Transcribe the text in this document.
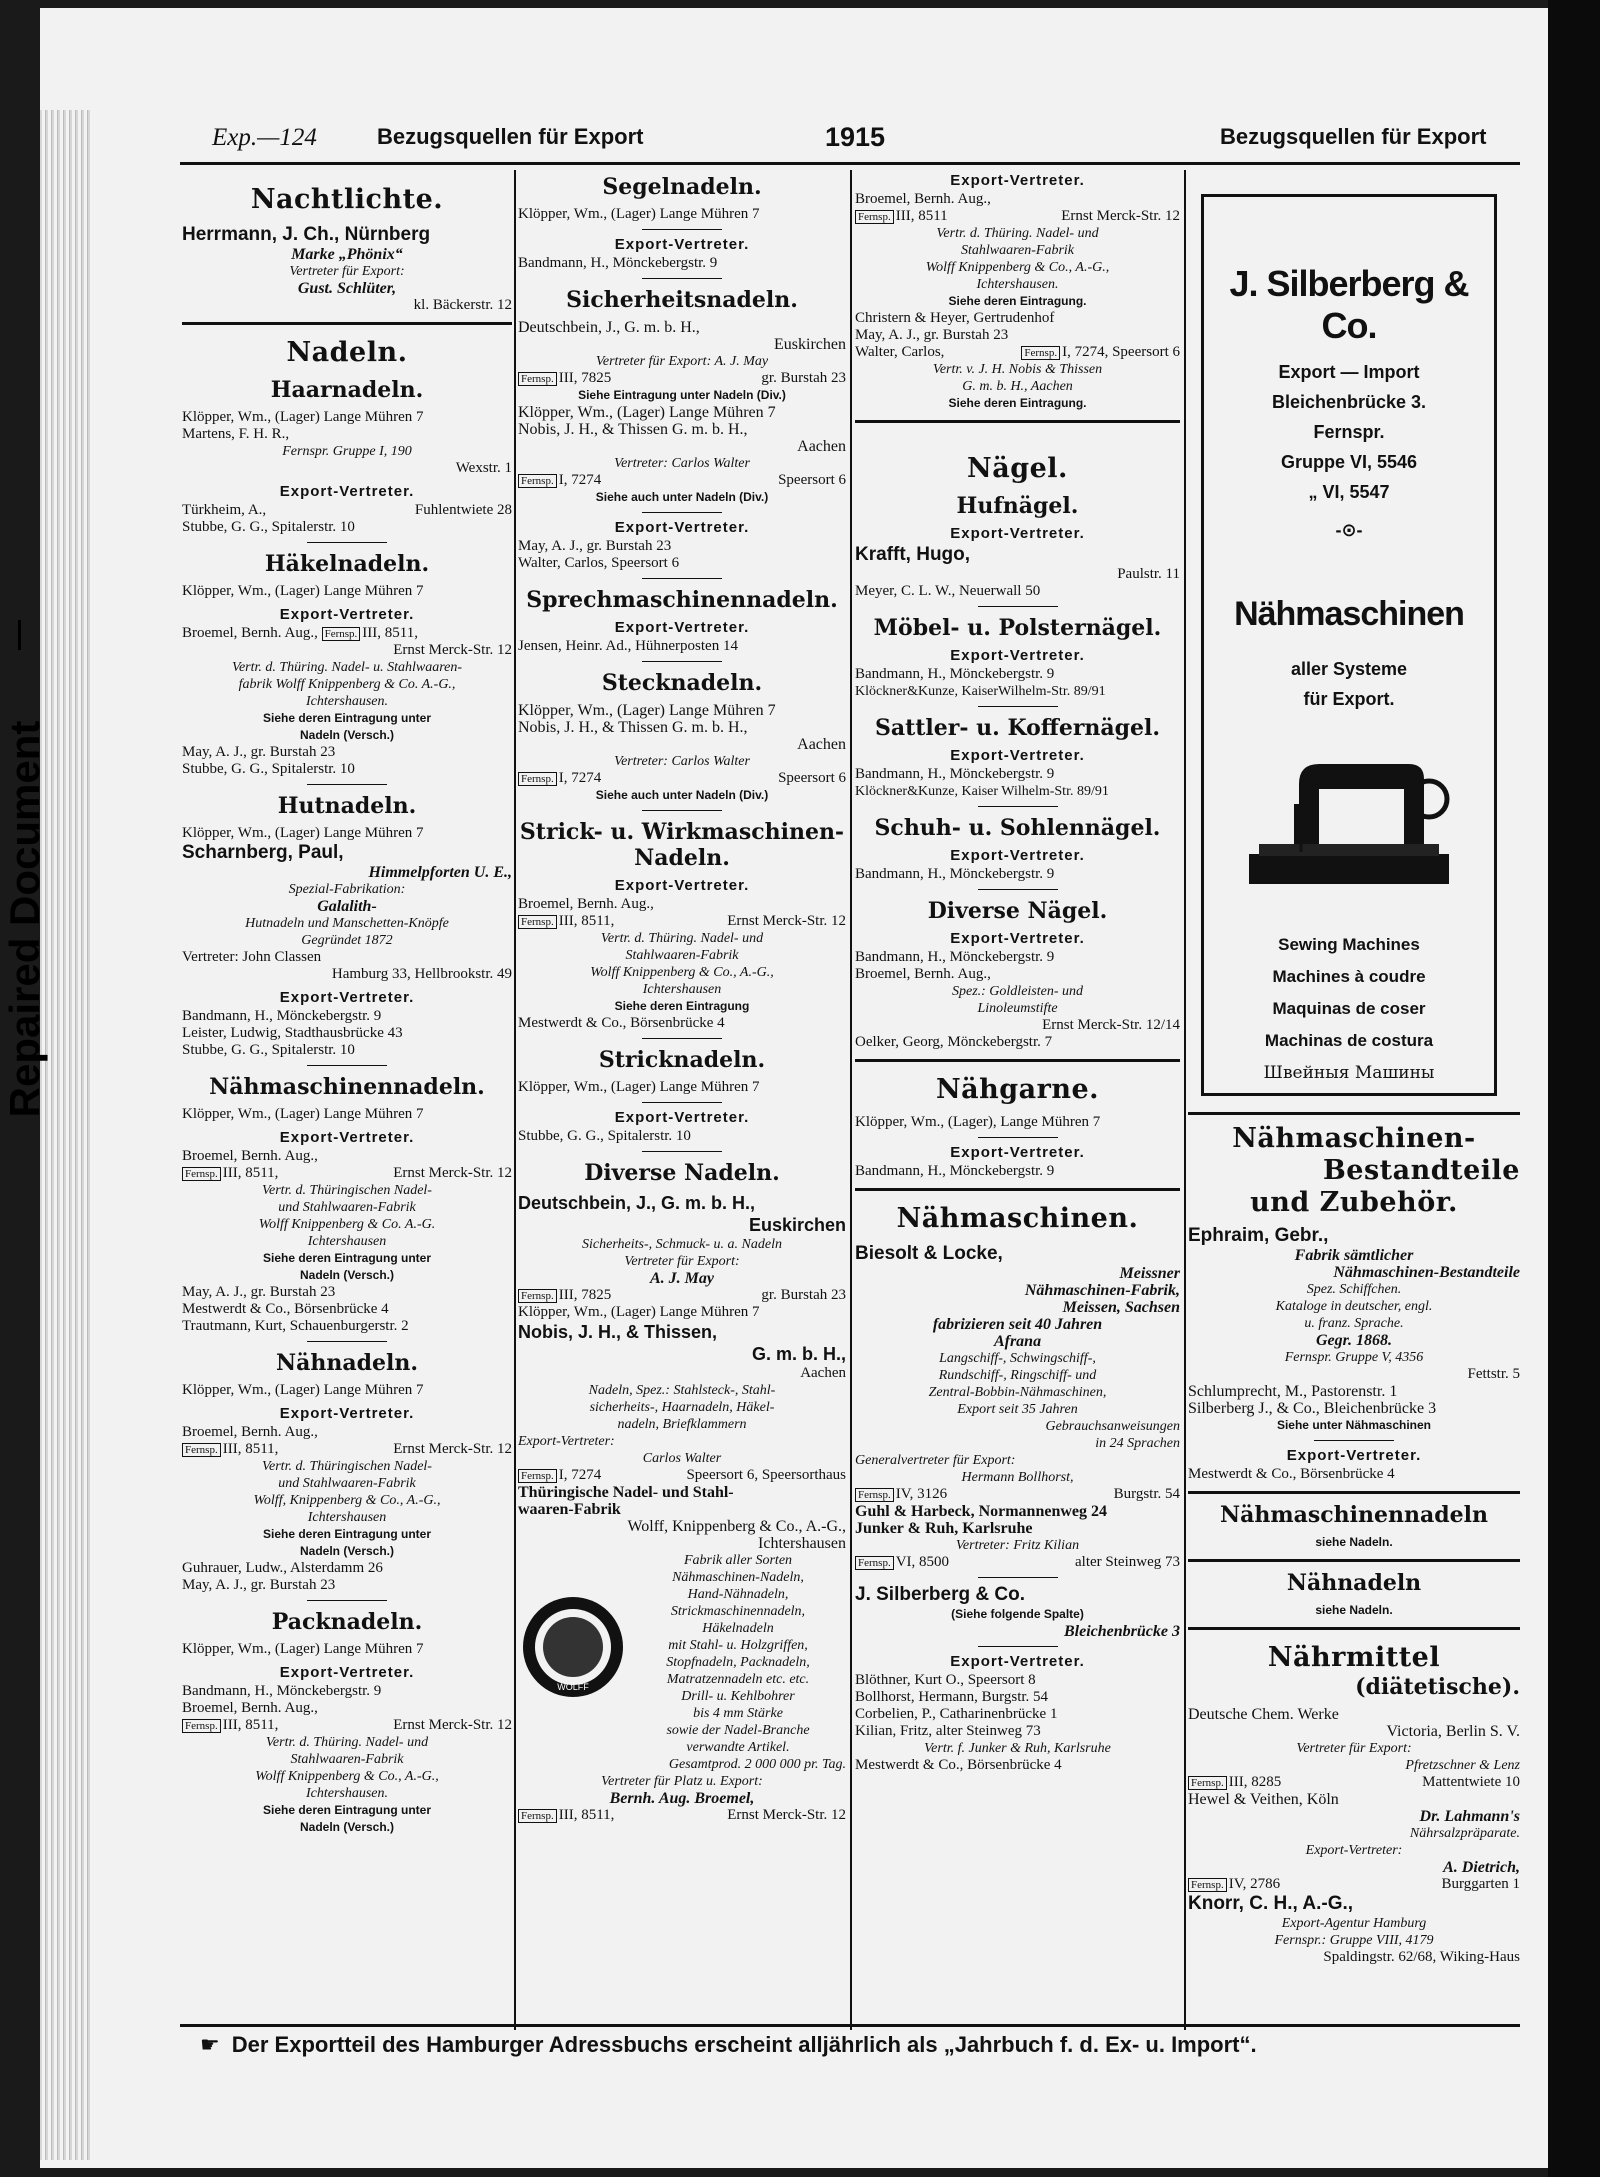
Repaired Document
Exp.—124	Bezugsquellen für Export	1915	Bezugsquellen für Export
Nachtlichte.
Herrmann, J. Ch., Nürnberg
Marke „Phönix“
Vertreter für Export:
Gust. Schlüter,
kl. Bäckerstr. 12
Nadeln.
Haarnadeln.
Klöpper, Wm., (Lager) Lange Mühren 7
Martens, F. H. R.,
Fernspr. Gruppe I, 190
Wexstr. 1
Export-Vertreter.
Türkheim, A.,	Fuhlentwiete 28
Stubbe, G. G., Spitalerstr. 10
Häkelnadeln.
Klöpper, Wm., (Lager) Lange Mühren 7
Export-Vertreter.
Broemel, Bernh. Aug., Fernsp. III, 8511,
Ernst Merck-Str. 12
Vertr. d. Thüring. Nadel- u. Stahlwaaren-
fabrik Wolff Knippenberg & Co. A.-G.,
Ichtershausen.
Siehe deren Eintragung unter
Nadeln (Versch.)
May, A. J., gr. Burstah 23
Stubbe, G. G., Spitalerstr. 10
Hutnadeln.
Klöpper, Wm., (Lager) Lange Mühren 7
Scharnberg, Paul,
Himmelpforten U. E.,
Spezial-Fabrikation:
Galalith-
Hutnadeln und Manschetten-Knöpfe
Gegründet 1872
Vertreter: John Classen
Hamburg 33, Hellbrookstr. 49
Export-Vertreter.
Bandmann, H., Mönckebergstr. 9
Leister, Ludwig, Stadthausbrücke 43
Stubbe, G. G., Spitalerstr. 10
Nähmaschinennadeln.
Klöpper, Wm., (Lager) Lange Mühren 7
Export-Vertreter.
Broemel, Bernh. Aug.,
Fernsp. III, 8511,	Ernst Merck-Str. 12
Vertr. d. Thüringischen Nadel-
und Stahlwaaren-Fabrik
Wolff Knippenberg & Co. A.-G.
Ichtershausen
Siehe deren Eintragung unter
Nadeln (Versch.)
May, A. J., gr. Burstah 23
Mestwerdt & Co., Börsenbrücke 4
Trautmann, Kurt, Schauenburgerstr. 2
Nähnadeln.
Klöpper, Wm., (Lager) Lange Mühren 7
Export-Vertreter.
Broemel, Bernh. Aug.,
Fernsp. III, 8511,	Ernst Merck-Str. 12
Vertr. d. Thüringischen Nadel-
und Stahlwaaren-Fabrik
Wolff, Knippenberg & Co., A.-G.,
Ichtershausen
Siehe deren Eintragung unter
Nadeln (Versch.)
Guhrauer, Ludw., Alsterdamm 26
May, A. J., gr. Burstah 23
Packnadeln.
Klöpper, Wm., (Lager) Lange Mühren 7
Export-Vertreter.
Bandmann, H., Mönckebergstr. 9
Broemel, Bernh. Aug.,
Fernsp. III, 8511,	Ernst Merck-Str. 12
Vertr. d. Thüring. Nadel- und
Stahlwaaren-Fabrik
Wolff Knippenberg & Co., A.-G.,
Ichtershausen.
Siehe deren Eintragung unter
Nadeln (Versch.)
Segelnadeln.
Klöpper, Wm., (Lager) Lange Mühren 7
Export-Vertreter.
Bandmann, H., Mönckebergstr. 9
Sicherheitsnadeln.
Deutschbein, J., G. m. b. H.,
Euskirchen
Vertreter für Export: A. J. May
Fernsp. III, 7825	gr. Burstah 23
Siehe Eintragung unter Nadeln (Div.)
Klöpper, Wm., (Lager) Lange Mühren 7
Nobis, J. H., & Thissen G. m. b. H.,
Aachen
Vertreter: Carlos Walter
Fernsp. I, 7274	Speersort 6
Siehe auch unter Nadeln (Div.)
Export-Vertreter.
May, A. J., gr. Burstah 23
Walter, Carlos, Speersort 6
Sprechmaschinennadeln.
Export-Vertreter.
Jensen, Heinr. Ad., Hühnerposten 14
Stecknadeln.
Klöpper, Wm., (Lager) Lange Mühren 7
Nobis, J. H., & Thissen G. m. b. H.,
Aachen
Vertreter: Carlos Walter
Fernsp. I, 7274	Speersort 6
Siehe auch unter Nadeln (Div.)
Strick- u. Wirkmaschinen-Nadeln.
Export-Vertreter.
Broemel, Bernh. Aug.,
Fernsp. III, 8511,	Ernst Merck-Str. 12
Vertr. d. Thüring. Nadel- und
Stahlwaaren-Fabrik
Wolff Knippenberg & Co., A.-G.,
Ichtershausen
Siehe deren Eintragung
Mestwerdt & Co., Börsenbrücke 4
Stricknadeln.
Klöpper, Wm., (Lager) Lange Mühren 7
Export-Vertreter.
Stubbe, G. G., Spitalerstr. 10
Diverse Nadeln.
Deutschbein, J., G. m. b. H.,
Euskirchen
Sicherheits-, Schmuck- u. a. Nadeln
Vertreter für Export:
A. J. May
Fernsp. III, 7825	gr. Burstah 23
Klöpper, Wm., (Lager) Lange Mühren 7
Nobis, J. H., & Thissen,
G. m. b. H.,
Aachen
Nadeln, Spez.: Stahlsteck-, Stahl-
sicherheits-, Haarnadeln, Häkel-
nadeln, Briefklammern
Export-Vertreter:
Carlos Walter
Fernsp. I, 7274	Speersort 6, Speersorthaus
Thüringische Nadel- und Stahl-
waaren-Fabrik
Wolff, Knippenberg & Co., A.-G.,
Ichtershausen
WOLFF
Fabrik aller Sorten
Nähmaschinen-Nadeln,
Hand-Nähnadeln,
Strickmaschinennadeln,
Häkelnadeln
mit Stahl- u. Holzgriffen,
Stopfnadeln, Packnadeln,
Matratzennadeln etc. etc.
Drill- u. Kehlbohrer
bis 4 mm Stärke
sowie der Nadel-Branche
verwandte Artikel.
Gesamtprod. 2 000 000 pr. Tag.
Vertreter für Platz u. Export:
Bernh. Aug. Broemel,
Fernsp. III, 8511,	Ernst Merck-Str. 12
Export-Vertreter.
Broemel, Bernh. Aug.,
Fernsp. III, 8511	Ernst Merck-Str. 12
Vertr. d. Thüring. Nadel- und
Stahlwaaren-Fabrik
Wolff Knippenberg & Co., A.-G.,
Ichtershausen.
Siehe deren Eintragung.
Christern & Heyer, Gertrudenhof
May, A. J., gr. Burstah 23
Walter, Carlos,	Fernsp. I, 7274, Speersort 6
Vertr. v. J. H. Nobis & Thissen
G. m. b. H., Aachen
Siehe deren Eintragung.
Nägel.
Hufnägel.
Export-Vertreter.
Krafft, Hugo,
Paulstr. 11
Meyer, C. L. W., Neuerwall 50
Möbel- u. Polsternägel.
Export-Vertreter.
Bandmann, H., Mönckebergstr. 9
Klöckner&Kunze, KaiserWilhelm-Str. 89/91
Sattler- u. Koffernägel.
Export-Vertreter.
Bandmann, H., Mönckebergstr. 9
Klöckner&Kunze, Kaiser Wilhelm-Str. 89/91
Schuh- u. Sohlennägel.
Export-Vertreter.
Bandmann, H., Mönckebergstr. 9
Diverse Nägel.
Export-Vertreter.
Bandmann, H., Mönckebergstr. 9
Broemel, Bernh. Aug.,
Spez.: Goldleisten- und
Linoleumstifte
Ernst Merck-Str. 12/14
Oelker, Georg, Mönckebergstr. 7
Nähgarne.
Klöpper, Wm., (Lager), Lange Mühren 7
Export-Vertreter.
Bandmann, H., Mönckebergstr. 9
Nähmaschinen.
Biesolt & Locke,
Meissner
Nähmaschinen-Fabrik,
Meissen, Sachsen
fabrizieren seit 40 Jahren
Afrana
Langschiff-, Schwingschiff-,
Rundschiff-, Ringschiff- und
Zentral-Bobbin-Nähmaschinen,
Export seit 35 Jahren
Gebrauchsanweisungen
in 24 Sprachen
Generalvertreter für Export:
Hermann Bollhorst,
Fernsp. IV, 3126	Burgstr. 54
Guhl & Harbeck, Normannenweg 24
Junker & Ruh, Karlsruhe
Vertreter: Fritz Kilian
Fernsp. VI, 8500	alter Steinweg 73
J. Silberberg & Co.
(Siehe folgende Spalte)
Bleichenbrücke 3
Export-Vertreter.
Blöthner, Kurt O., Speersort 8
Bollhorst, Hermann, Burgstr. 54
Corbelien, P., Catharinenbrücke 1
Kilian, Fritz, alter Steinweg 73
Vertr. f. Junker & Ruh, Karlsruhe
Mestwerdt & Co., Börsenbrücke 4
J. Silberberg & Co.
Export — Import
Bleichenbrücke 3.
Fernspr.
Gruppe VI, 5546
„ VI, 5547
-⊙-
Nähmaschinen
aller Systeme
für Export.
Sewing Machines
Machines à coudre
Maquinas de coser
Machinas de costura
Швейныя Машины
Nähmaschinen-
Bestandteile
und Zubehör.
Ephraim, Gebr.,
Fabrik sämtlicher
Nähmaschinen-Bestandteile
Spez. Schiffchen.
Kataloge in deutscher, engl.
u. franz. Sprache.
Gegr. 1868.
Fernspr. Gruppe V, 4356
Fettstr. 5
Schlumprecht, M., Pastorenstr. 1
Silberberg J., & Co., Bleichenbrücke 3
Siehe unter Nähmaschinen
Export-Vertreter.
Mestwerdt & Co., Börsenbrücke 4
Nähmaschinennadeln
siehe Nadeln.
Nähnadeln
siehe Nadeln.
Nährmittel
(diätetische).
Deutsche Chem. Werke
Victoria, Berlin S. V.
Vertreter für Export:
Pfretzschner & Lenz
Fernsp. III, 8285	Mattentwiete 10
Hewel & Veithen, Köln
Dr. Lahmann's
Nährsalzpräparate.
Export-Vertreter:
A. Dietrich,
Fernsp. IV, 2786	Burggarten 1
Knorr, C. H., A.-G.,
Export-Agentur Hamburg
Fernspr.: Gruppe VIII, 4179
Spaldingstr. 62/68, Wiking-Haus
☛ Der Exportteil des Hamburger Adressbuchs erscheint alljährlich als „Jahrbuch f. d. Ex- u. Import“.
